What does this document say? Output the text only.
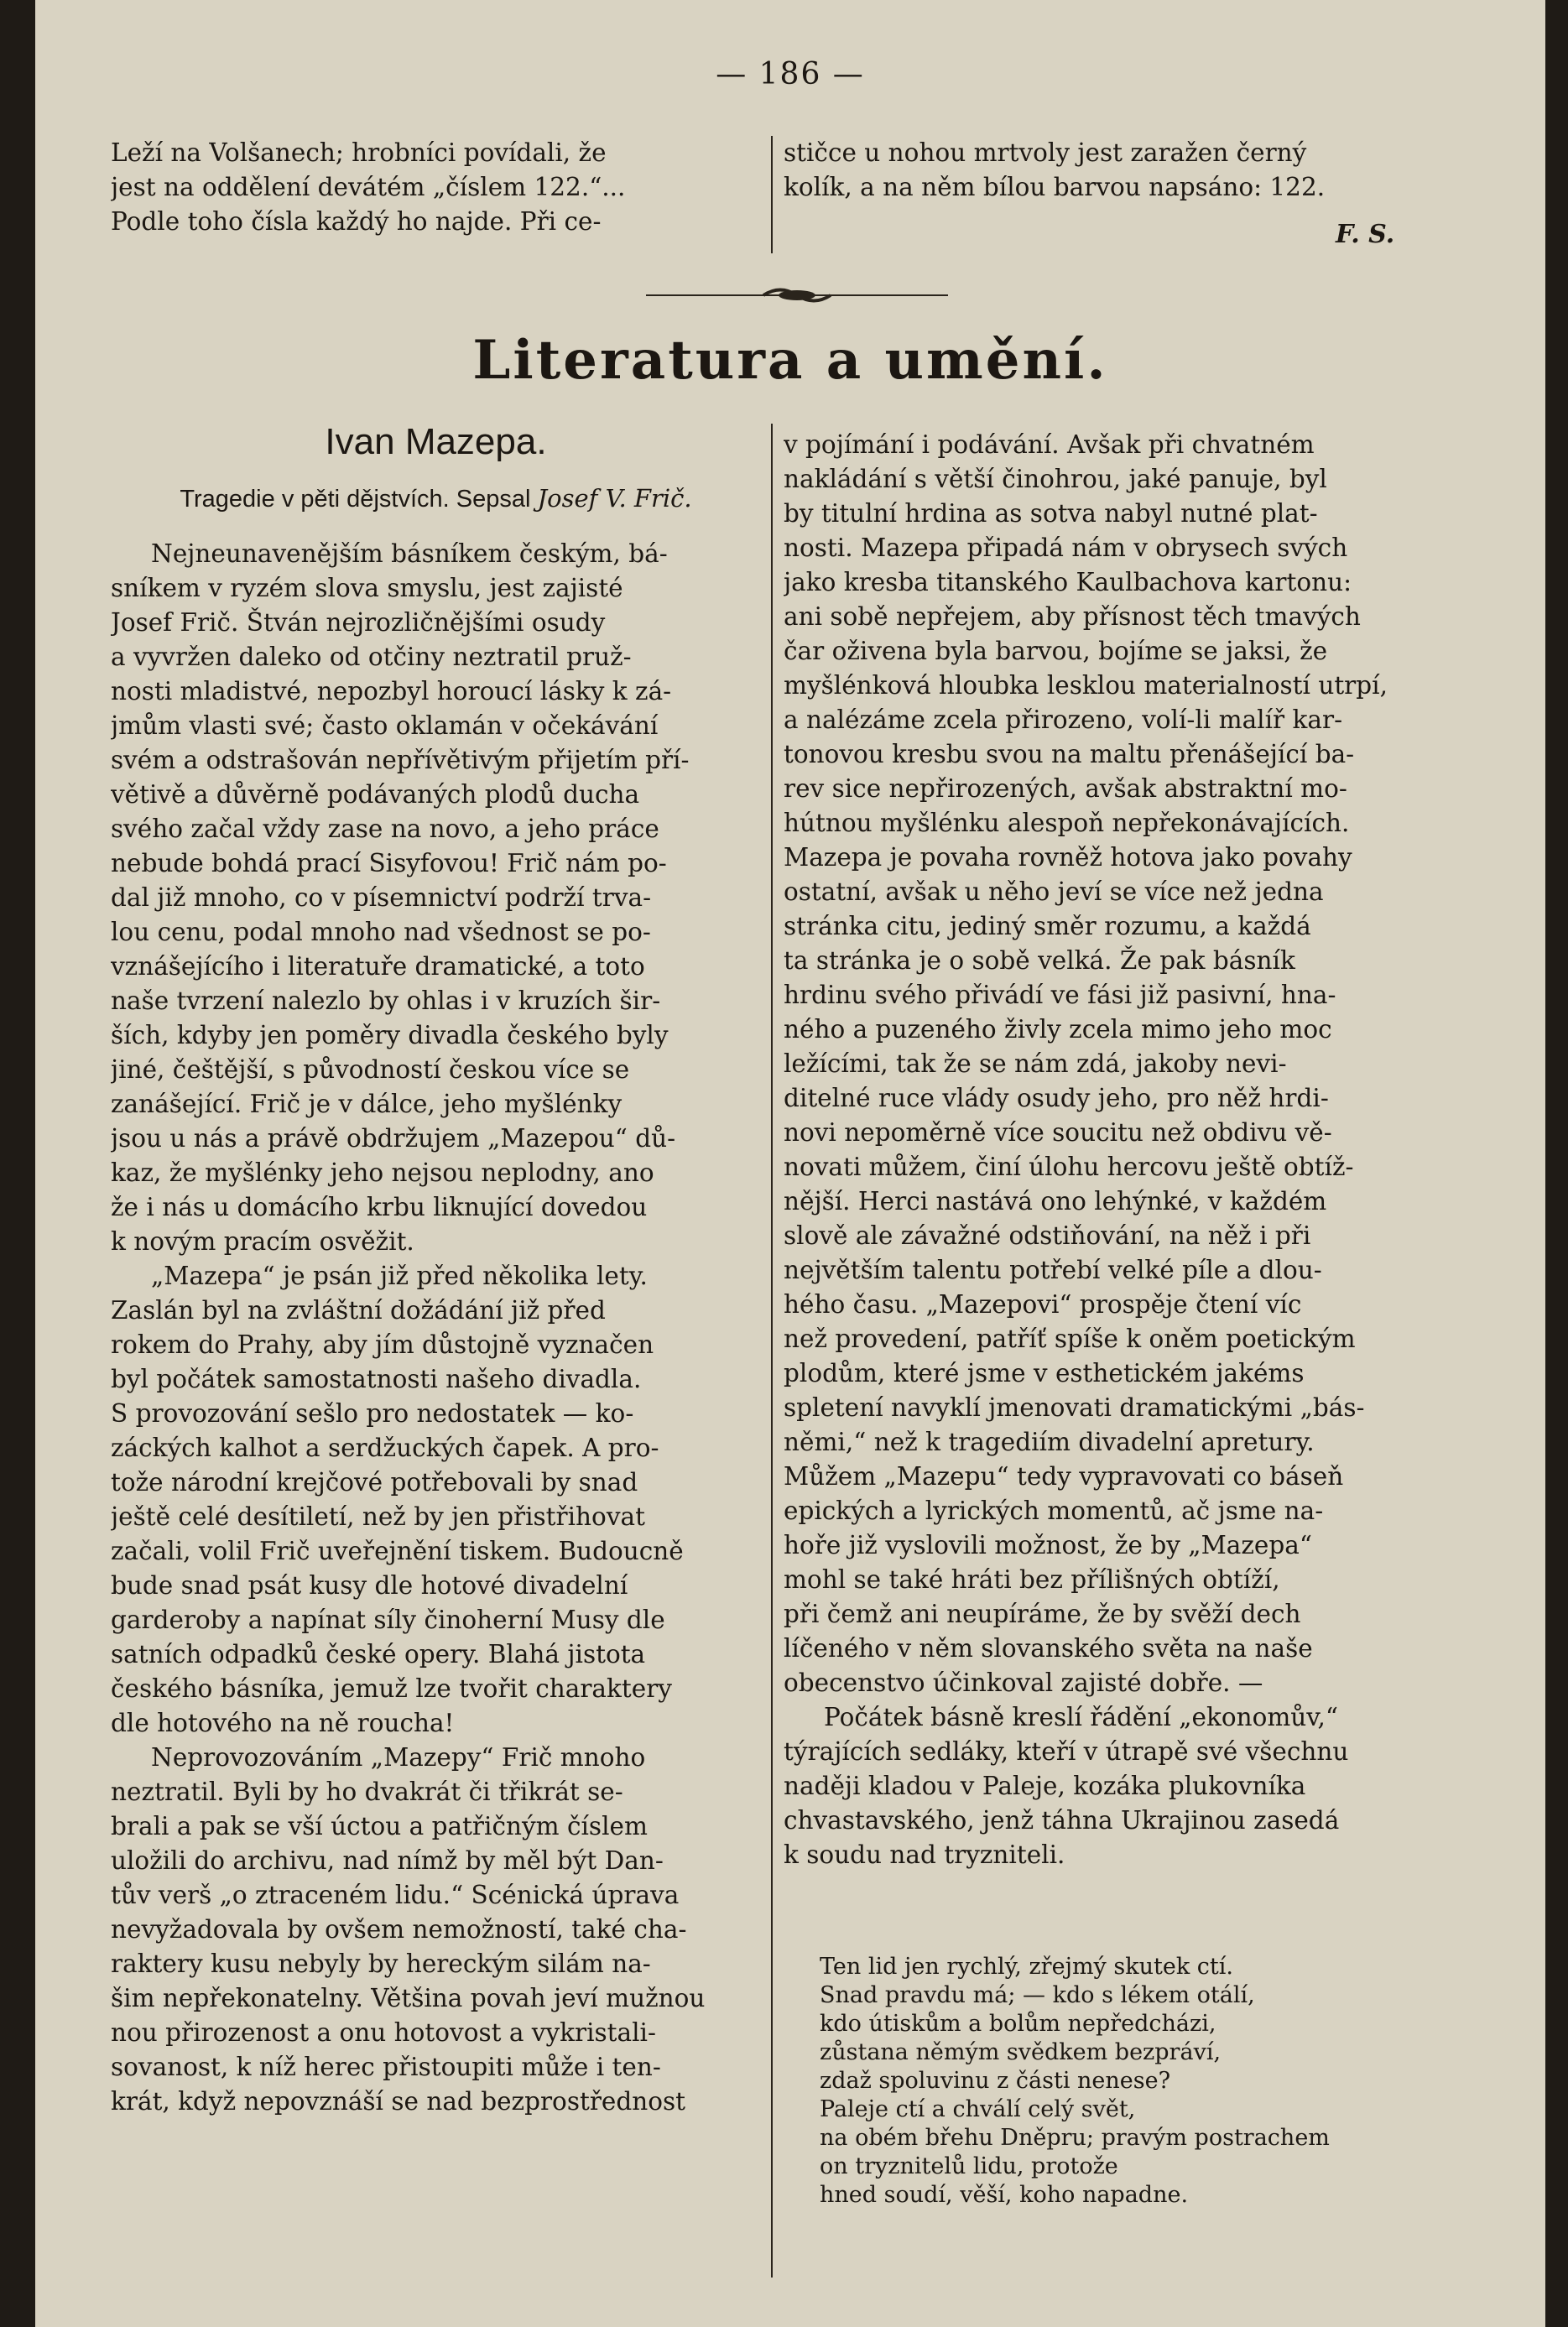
— 186 —
Leží na Volšanech; hrobníci povídali, že
jest na oddělení devátém „číslem 122.“...
Podle toho čísla každý ho najde. Při ce-
stičce u nohou mrtvoly jest zaražen černý
kolík, a na něm bílou barvou napsáno: 122.
F. S.
Literatura a umění.
Ivan Mazepa.
Tragedie v pěti dějstvích. Sepsal Josef V. Frič.
Nejneunavenějším básníkem českým, bá-
sníkem v ryzém slova smyslu, jest zajisté
Josef Frič. Štván nejrozličnějšími osudy
a vyvržen daleko od otčiny neztratil pruž-
nosti mladistvé, nepozbyl horoucí lásky k zá-
jmům vlasti své; často oklamán v očekávání
svém a odstrašován nepřívětivým přijetím pří-
větivě a důvěrně podávaných plodů ducha
svého začal vždy zase na novo, a jeho práce
nebude bohdá prací Sisyfovou! Frič nám po-
dal již mnoho, co v písemnictví podrží trva-
lou cenu, podal mnoho nad všednost se po-
vznášejícího i literatuře dramatické, a toto
naše tvrzení nalezlo by ohlas i v kruzích šir-
ších, kdyby jen poměry divadla českého byly
jiné, češtější, s původností českou více se
zanášející. Frič je v dálce, jeho myšlénky
jsou u nás a právě obdržujem „Mazepou“ dů-
kaz, že myšlénky jeho nejsou neplodny, ano
že i nás u domácího krbu liknující dovedou
k novým pracím osvěžit.
„Mazepa“ je psán již před několika lety.
Zaslán byl na zvláštní dožádání již před
rokem do Prahy, aby jím důstojně vyznačen
byl počátek samostatnosti našeho divadla.
S provozování sešlo pro nedostatek — ko-
záckých kalhot a serdžuckých čapek. A pro-
tože národní krejčové potřebovali by snad
ještě celé desítiletí, než by jen přistřihovat
začali, volil Frič uveřejnění tiskem. Budoucně
bude snad psát kusy dle hotové divadelní
garderoby a napínat síly činoherní Musy dle
satních odpadků české opery. Blahá jistota
českého básníka, jemuž lze tvořit charaktery
dle hotového na ně roucha!
Neprovozováním „Mazepy“ Frič mnoho
neztratil. Byli by ho dvakrát či třikrát se-
brali a pak se vší úctou a patřičným číslem
uložili do archivu, nad nímž by měl být Dan-
tův verš „o ztraceném lidu.“ Scénická úprava
nevyžadovala by ovšem nemožností, také cha-
raktery kusu nebyly by hereckým silám na-
šim nepřekonatelny. Většina povah jeví mužnou
nou přirozenost a onu hotovost a vykristali-
sovanost, k níž herec přistoupiti může i ten-
krát, když nepovznáší se nad bezprostřednost
v pojímání i podávání. Avšak při chvatném
nakládání s větší činohrou, jaké panuje, byl
by titulní hrdina as sotva nabyl nutné plat-
nosti. Mazepa připadá nám v obrysech svých
jako kresba titanského Kaulbachova kartonu:
ani sobě nepřejem, aby přísnost těch tmavých
čar oživena byla barvou, bojíme se jaksi, že
myšlénková hloubka lesklou materialností utrpí,
a nalézáme zcela přirozeno, volí-li malíř kar-
tonovou kresbu svou na maltu přenášející ba-
rev sice nepřirozených, avšak abstraktní mo-
hútnou myšlénku alespoň nepřekonávajících.
Mazepa je povaha rovněž hotova jako povahy
ostatní, avšak u něho jeví se více než jedna
stránka citu, jediný směr rozumu, a každá
ta stránka je o sobě velká. Že pak básník
hrdinu svého přivádí ve fási již pasivní, hna-
ného a puzeného živly zcela mimo jeho moc
ležícími, tak že se nám zdá, jakoby nevi-
ditelné ruce vlády osudy jeho, pro něž hrdi-
novi nepoměrně více soucitu než obdivu vě-
novati můžem, činí úlohu hercovu ještě obtíž-
nější. Herci nastává ono lehýnké, v každém
slově ale závažné odstiňování, na něž i při
největším talentu potřebí velké píle a dlou-
hého času. „Mazepovi“ prospěje čtení víc
než provedení, patříť spíše k oněm poetickým
plodům, které jsme v esthetickém jakéms
spletení navyklí jmenovati dramatickými „bás-
němi,“ než k tragediím divadelní apretury.
Můžem „Mazepu“ tedy vypravovati co báseň
epických a lyrických momentů, ač jsme na-
hoře již vyslovili možnost, že by „Mazepa“
mohl se také hráti bez přílišných obtíží,
při čemž ani neupíráme, že by svěží dech
líčeného v něm slovanského světa na naše
obecenstvo účinkoval zajisté dobře. —
Počátek básně kreslí řádění „ekonomův,“
týrajících sedláky, kteří v útrapě své všechnu
naději kladou v Paleje, kozáka plukovníka
chvastavského, jenž táhna Ukrajinou zasedá
k soudu nad tryzniteli.
Ten lid jen rychlý, zřejmý skutek ctí.
Snad pravdu má; — kdo s lékem otálí,
kdo útiskům a bolům nepředcházi,
zůstana němým svědkem bezpráví,
zdaž spoluvinu z části nenese?
Paleje ctí a chválí celý svět,
na obém břehu Dněpru; pravým postrachem
on tryznitelů lidu, protože
hned soudí, věší, koho napadne.
